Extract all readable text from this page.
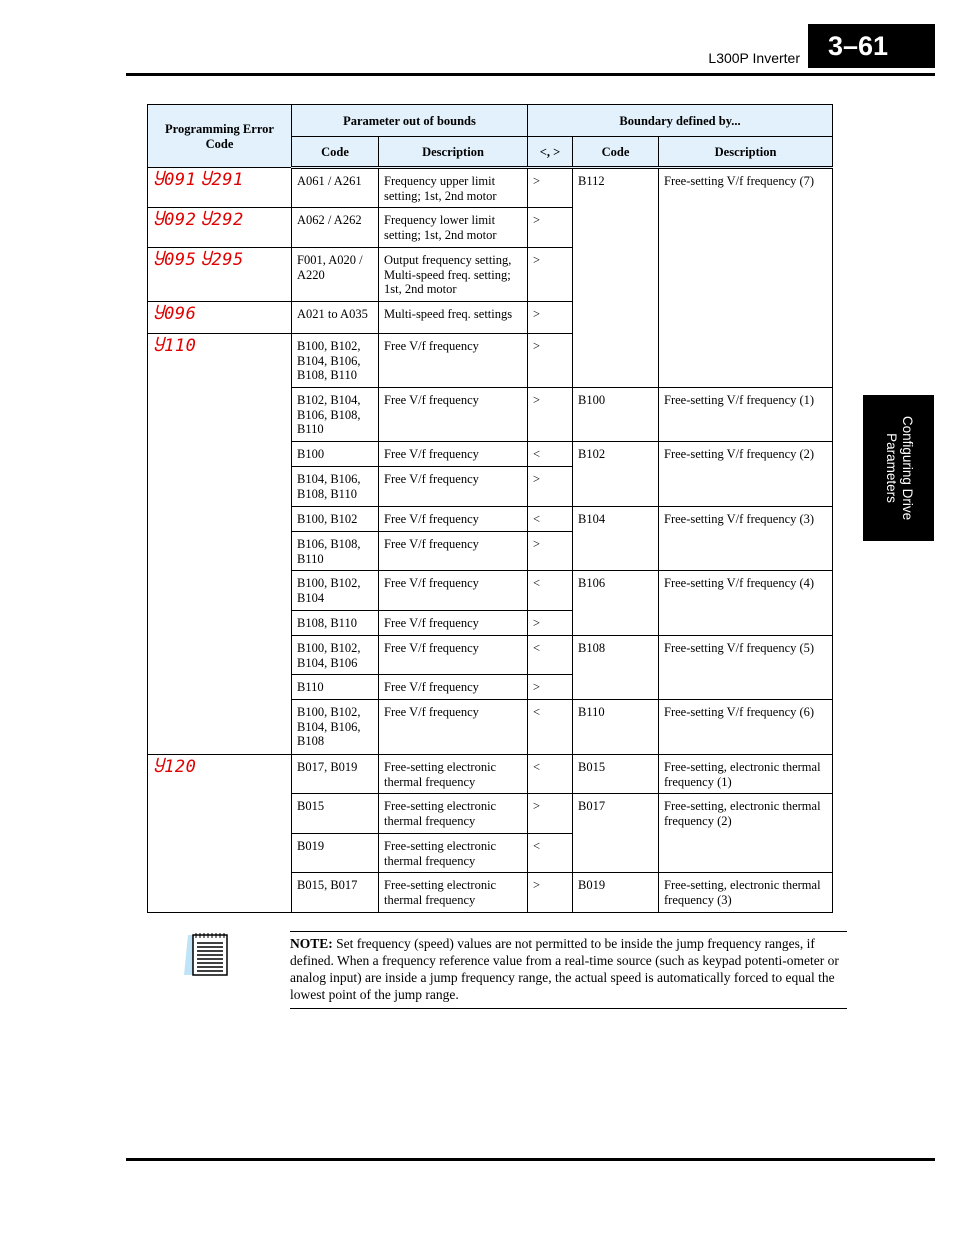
L300P Inverter	3–61
Configuring Drive
Parameters
Programming Error Code	Parameter out of bounds		Boundary defined by...		
	Code	Description	<, >	Code	Description
Ⴘ091 Ⴘ291	A061 / A261	Frequency upper limit setting; 1st, 2nd motor	>	B112	Free-setting V/f frequency (7)
Ⴘ092 Ⴘ292	A062 / A262	Frequency lower limit setting; 1st, 2nd motor	>		
Ⴘ095 Ⴘ295	F001, A020 / A220	Output frequency setting, Multi-speed freq. setting; 1st, 2nd motor	>		
Ⴘ096	A021 to A035	Multi-speed freq. settings	>		
Ⴘ110	B100, B102, B104, B106, B108, B110	Free V/f frequency	>		
	B102, B104, B106, B108, B110	Free V/f frequency	>	B100	Free-setting V/f frequency (1)
	B100	Free V/f frequency	<	B102	Free-setting V/f frequency (2)
	B104, B106, B108, B110	Free V/f frequency	>		
	B100, B102	Free V/f frequency	<	B104	Free-setting V/f frequency (3)
	B106, B108, B110	Free V/f frequency	>		
	B100, B102, B104	Free V/f frequency	<	B106	Free-setting V/f frequency (4)
	B108, B110	Free V/f frequency	>		
	B100, B102, B104, B106	Free V/f frequency	<	B108	Free-setting V/f frequency (5)
	B110	Free V/f frequency	>		
	B100, B102, B104, B106, B108	Free V/f frequency	<	B110	Free-setting V/f frequency (6)
Ⴘ120	B017, B019	Free-setting electronic thermal frequency	<	B015	Free-setting, electronic thermal frequency (1)
	B015	Free-setting electronic thermal frequency	>	B017	Free-setting, electronic thermal frequency (2)
	B019	Free-setting electronic thermal frequency	<		
	B015, B017	Free-setting electronic thermal frequency	>	B019	Free-setting, electronic thermal frequency (3)
NOTE: Set frequency (speed) values are not permitted to be inside the jump frequency ranges, if defined. When a frequency reference value from a real-time source (such as keypad potenti-ometer or analog input) are inside a jump frequency range, the actual speed is automatically forced to equal the lowest point of the jump range.
